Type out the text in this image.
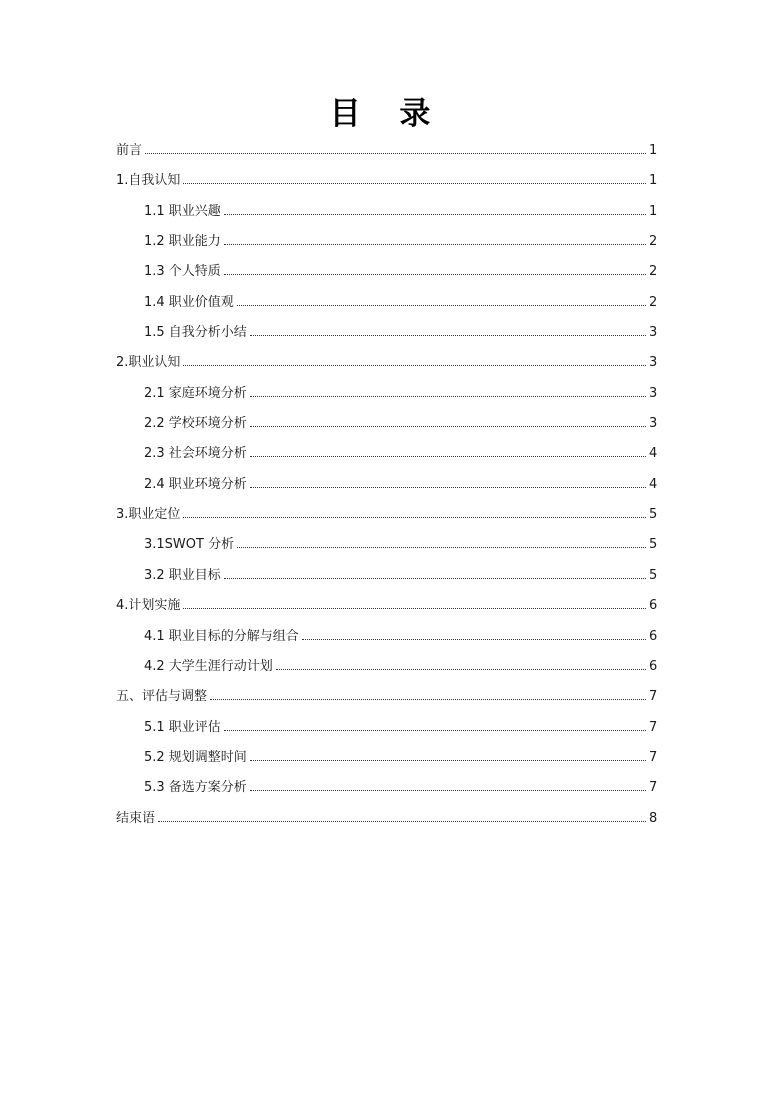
目 录
前言	1
1.自我认知	1
1.1 职业兴趣	1
1.2 职业能力	2
1.3 个人特质	2
1.4 职业价值观	2
1.5 自我分析小结	3
2.职业认知	3
2.1 家庭环境分析	3
2.2 学校环境分析	3
2.3 社会环境分析	4
2.4 职业环境分析	4
3.职业定位	5
3.1SWOT 分析	5
3.2 职业目标	5
4.计划实施	6
4.1 职业目标的分解与组合	6
4.2 大学生涯行动计划	6
五、评估与调整	7
5.1 职业评估	7
5.2 规划调整时间	7
5.3 备选方案分析	7
结束语	8
